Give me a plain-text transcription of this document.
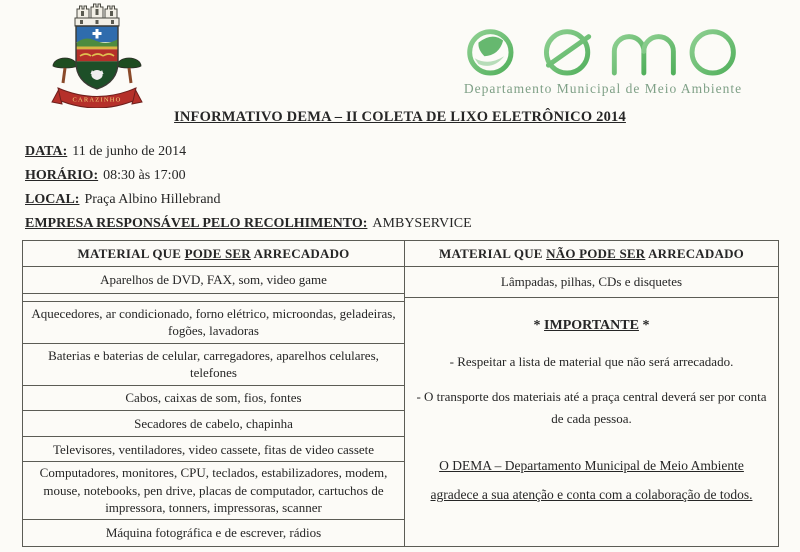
CARAZINHO
Departamento Municipal de Meio Ambiente
INFORMATIVO DEMA – II COLETA DE LIXO ELETRÔNICO 2014
DATA: 11 de junho de 2014
HORÁRIO: 08:30 às 17:00
LOCAL: Praça Albino Hillebrand
EMPRESA RESPONSÁVEL PELO RECOLHIMENTO: AMBYSERVICE
MATERIAL QUE PODE SER ARRECADADO
Aparelhos de DVD, FAX, som, video game
Aquecedores, ar condicionado, forno elétrico, microondas, geladeiras, fogões, lavadoras
Baterias e baterias de celular, carregadores, aparelhos celulares, telefones
Cabos, caixas de som, fios, fontes
Secadores de cabelo, chapinha
Televisores, ventiladores, video cassete, fitas de video cassete
Computadores, monitores, CPU, teclados, estabilizadores, modem, mouse, notebooks, pen drive, placas de computador, cartuchos de impressora, tonners, impressoras, scanner
Máquina fotográfica e de escrever, rádios
MATERIAL QUE NÃO PODE SER ARRECADADO
Lâmpadas, pilhas, CDs e disquetes
* IMPORTANTE *

- Respeitar a lista de material que não será arrecadado.

- O transporte dos materiais até a praça central deverá ser por conta de cada pessoa.

O DEMA – Departamento Municipal de Meio Ambiente agradece a sua atenção e conta com a colaboração de todos.
